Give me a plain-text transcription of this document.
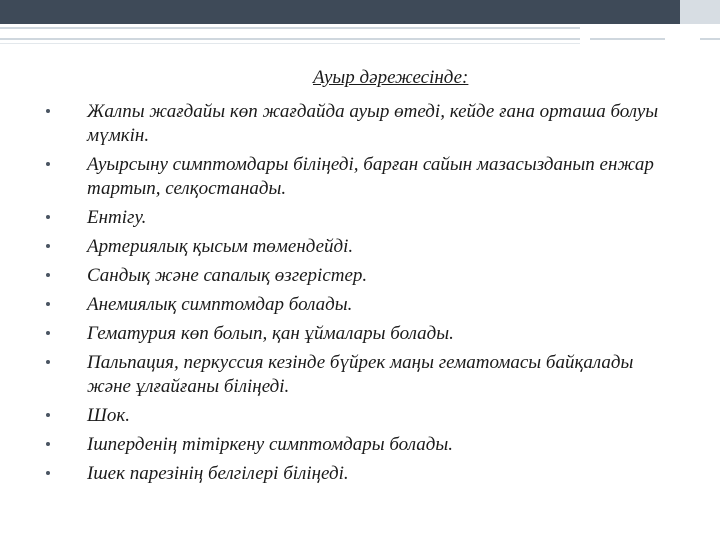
Ауыр дәрежесінде:
Жалпы жағдайы көп жағдайда ауыр өтеді, кейде ғана орташа болуы мүмкін.
Ауырсыну симптомдары біліңеді, барған сайын мазасызданып енжар тартып, селқостанады.
Ентігу.
Артериялық қысым төмендейді.
Сандық және сапалық өзгерістер.
Анемиялық симптомдар болады.
Гематурия көп болып, қан ұймалары болады.
Пальпация, перкуссия кезінде бүйрек маңы гематомасы байқалады және ұлғайғаны біліңеді.
Шок.
Ішперденің тітіркену симптомдары болады.
Ішек парезінің белгілері біліңеді.
